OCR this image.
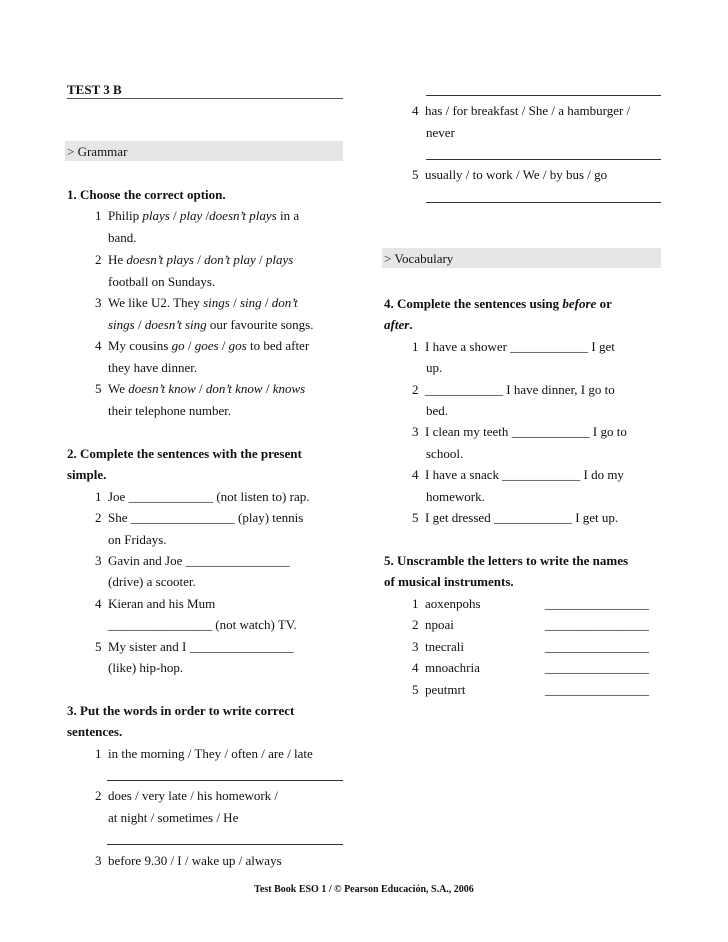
TEST 3 B
> Grammar
1. Choose the correct option.
1 Philip plays / play /doesn’t plays in a
band.
2 He doesn’t plays / don’t play / plays
football on Sundays.
3 We like U2. They sings / sing / don’t
sings / doesn’t sing our favourite songs.
4 My cousins go / goes / gos to bed after
they have dinner.
5 We doesn’t know / don’t know / knows
their telephone number.
2. Complete the sentences with the present
simple.
1 Joe _____________ (not listen to) rap.
2 She ________________ (play) tennis
on Fridays.
3 Gavin and Joe ________________
(drive) a scooter.
4 Kieran and his Mum
________________ (not watch) TV.
5 My sister and I ________________
(like) hip-hop.
3. Put the words in order to write correct
sentences.
1 in the morning / They / often / are / late
2 does / very late / his homework /
at night / sometimes / He
3 before 9.30 / I / wake up / always
4 has / for breakfast / She / a hamburger /
never
5 usually / to work / We / by bus / go
> Vocabulary
4. Complete the sentences using before or
after.
1 I have a shower ____________ I get
up.
2 ____________ I have dinner, I go to
bed.
3 I clean my teeth ____________ I go to
school.
4 I have a snack ____________ I do my
homework.
5 I get dressed ____________ I get up.
5. Unscramble the letters to write the names
of musical instruments.
1 aoxenpohs	________________
2 npoai	________________
3 tnecrali	________________
4 mnoachria	________________
5 peutmrt	________________
Test Book ESO 1 / © Pearson Educación, S.A., 2006
